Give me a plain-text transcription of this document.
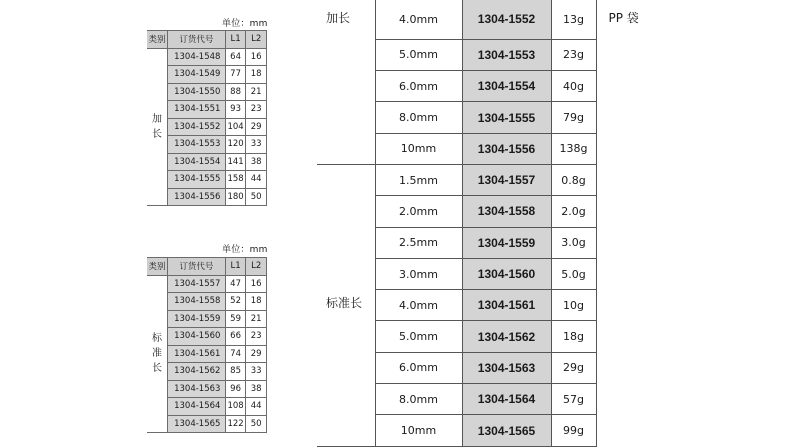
单位：mm
类别	订货代号	L1	L2
加长	1304-1548	64	16
	1304-1549	77	18
	1304-1550	88	21
	1304-1551	93	23
	1304-1552	104	29
	1304-1553	120	33
	1304-1554	141	38
	1304-1555	158	44
	1304-1556	180	50
单位：mm
类别	订货代号	L1	L2
标准长	1304-1557	47	16
	1304-1558	52	18
	1304-1559	59	21
	1304-1560	66	23
	1304-1561	74	29
	1304-1562	85	33
	1304-1563	96	38
	1304-1564	108	44
	1304-1565	122	50
加长	4.0mm	1304-1552	13g	PP 袋
	5.0mm	1304-1553	23g	
	6.0mm	1304-1554	40g	
	8.0mm	1304-1555	79g	
	10mm	1304-1556	138g	

标准长	1.5mm	1304-1557	0.8g	
	2.0mm	1304-1558	2.0g	
	2.5mm	1304-1559	3.0g	
	3.0mm	1304-1560	5.0g	
	4.0mm	1304-1561	10g	
	5.0mm	1304-1562	18g	
	6.0mm	1304-1563	29g	
	8.0mm	1304-1564	57g	
	10mm	1304-1565	99g	
